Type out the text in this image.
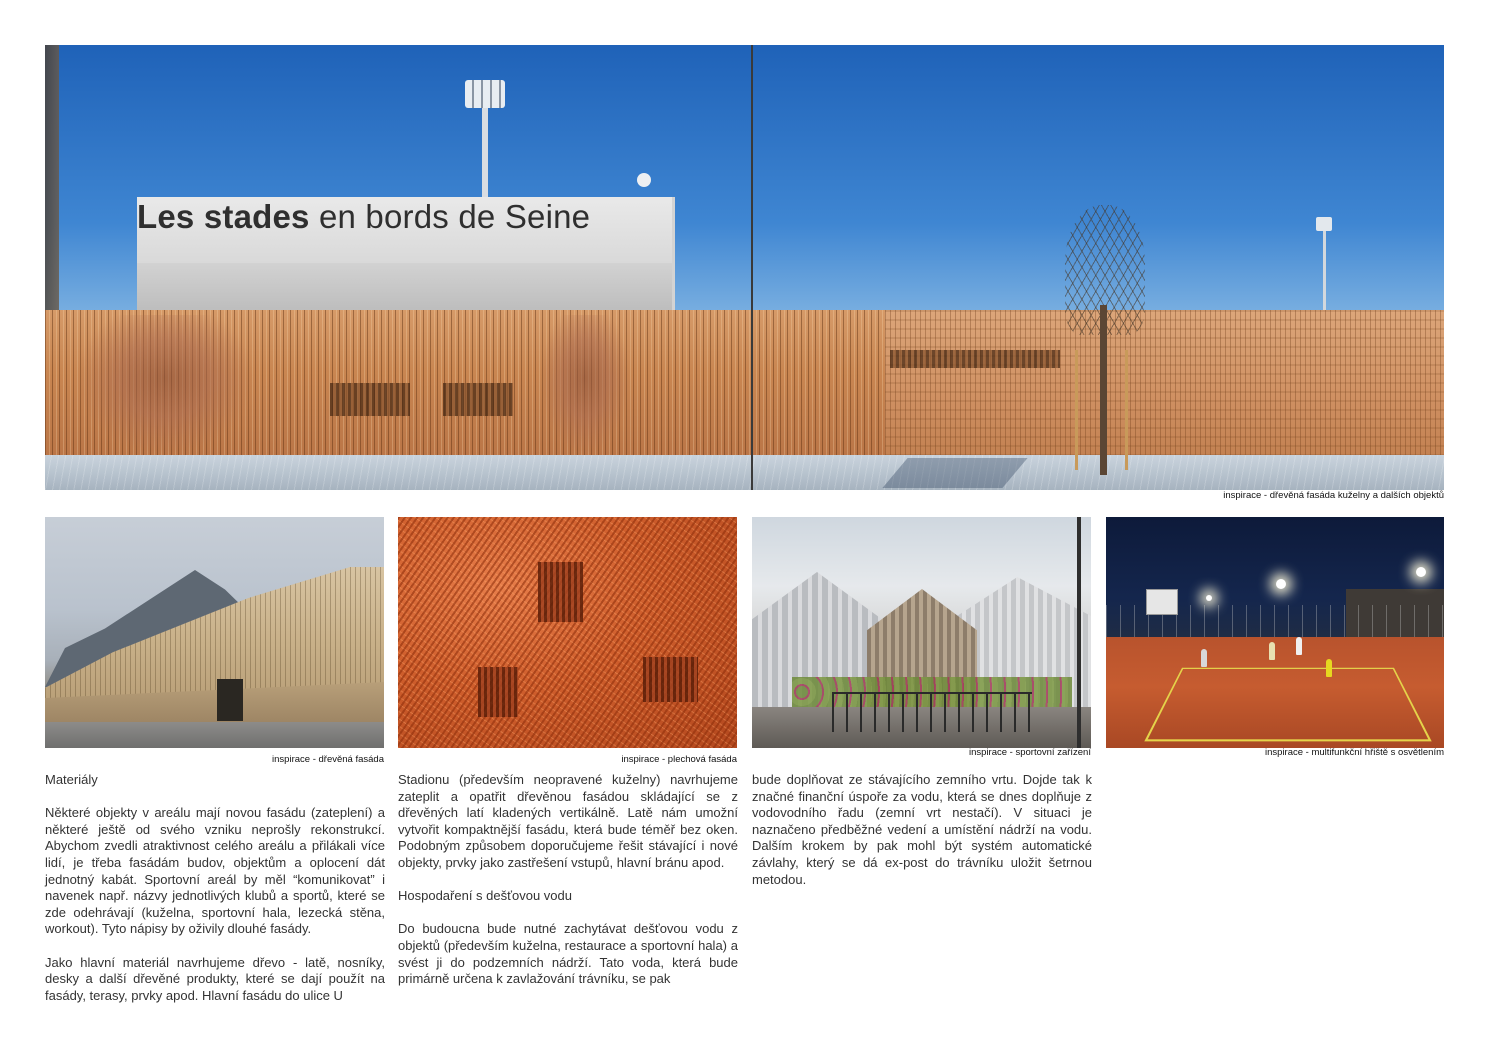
Les stades en bords de Seine
inspirace - dřevěná fasáda kuželny a dalších objektů
inspirace - dřevěná fasáda	inspirace - plechová fasáda
inspirace - sportovní zařízení	inspirace - multifunkční hřiště s osvětlením

Materiály

Některé objekty v areálu mají novou fasádu (zateplení) a některé ještě od svého vzniku neprošly rekonstrukcí. Abychom zvedli atraktivnost celého areálu a přilákali více lidí, je třeba fasádám budov, objektům a oplocení dát jednotný kabát. Sportovní areál by měl “komunikovat” i navenek např. názvy jednotlivých klubů a sportů, které se zde odehrávají (kuželna, sportovní hala, lezecká stěna, workout). Tyto nápisy by oživily dlouhé fasády.

Jako hlavní materiál navrhujeme dřevo - latě, nosníky, desky a další dřevěné produkty, které se dají použít na fasády, terasy, prvky apod. Hlavní fasádu do ulice U

Stadionu (především neopravené kuželny) navrhujeme zateplit a opatřit dřevěnou fasádou skládající se z dřevěných latí kladených vertikálně. Latě nám umožní vytvořit kompaktnější fasádu, která bude téměř bez oken. Podobným způsobem doporučujeme řešit stávající i nové objekty, prvky jako zastřešení vstupů, hlavní bránu apod.

Hospodaření s dešťovou vodu

Do budoucna bude nutné zachytávat dešťovou vodu z objektů (především kuželna, restaurace a sportovní hala) a svést ji do podzemních nádrží. Tato voda, která bude primárně určena k zavlažování trávníku, se pak

bude doplňovat ze stávajícího zemního vrtu. Dojde tak k značné finanční úspoře za vodu, která se dnes doplňuje z vodovodního řadu (zemní vrt nestačí). V situaci je naznačeno předběžné vedení a umístění nádrží na vodu. Dalším krokem by pak mohl být systém automatické závlahy, který se dá ex-post do trávníku uložit šetrnou metodou.
